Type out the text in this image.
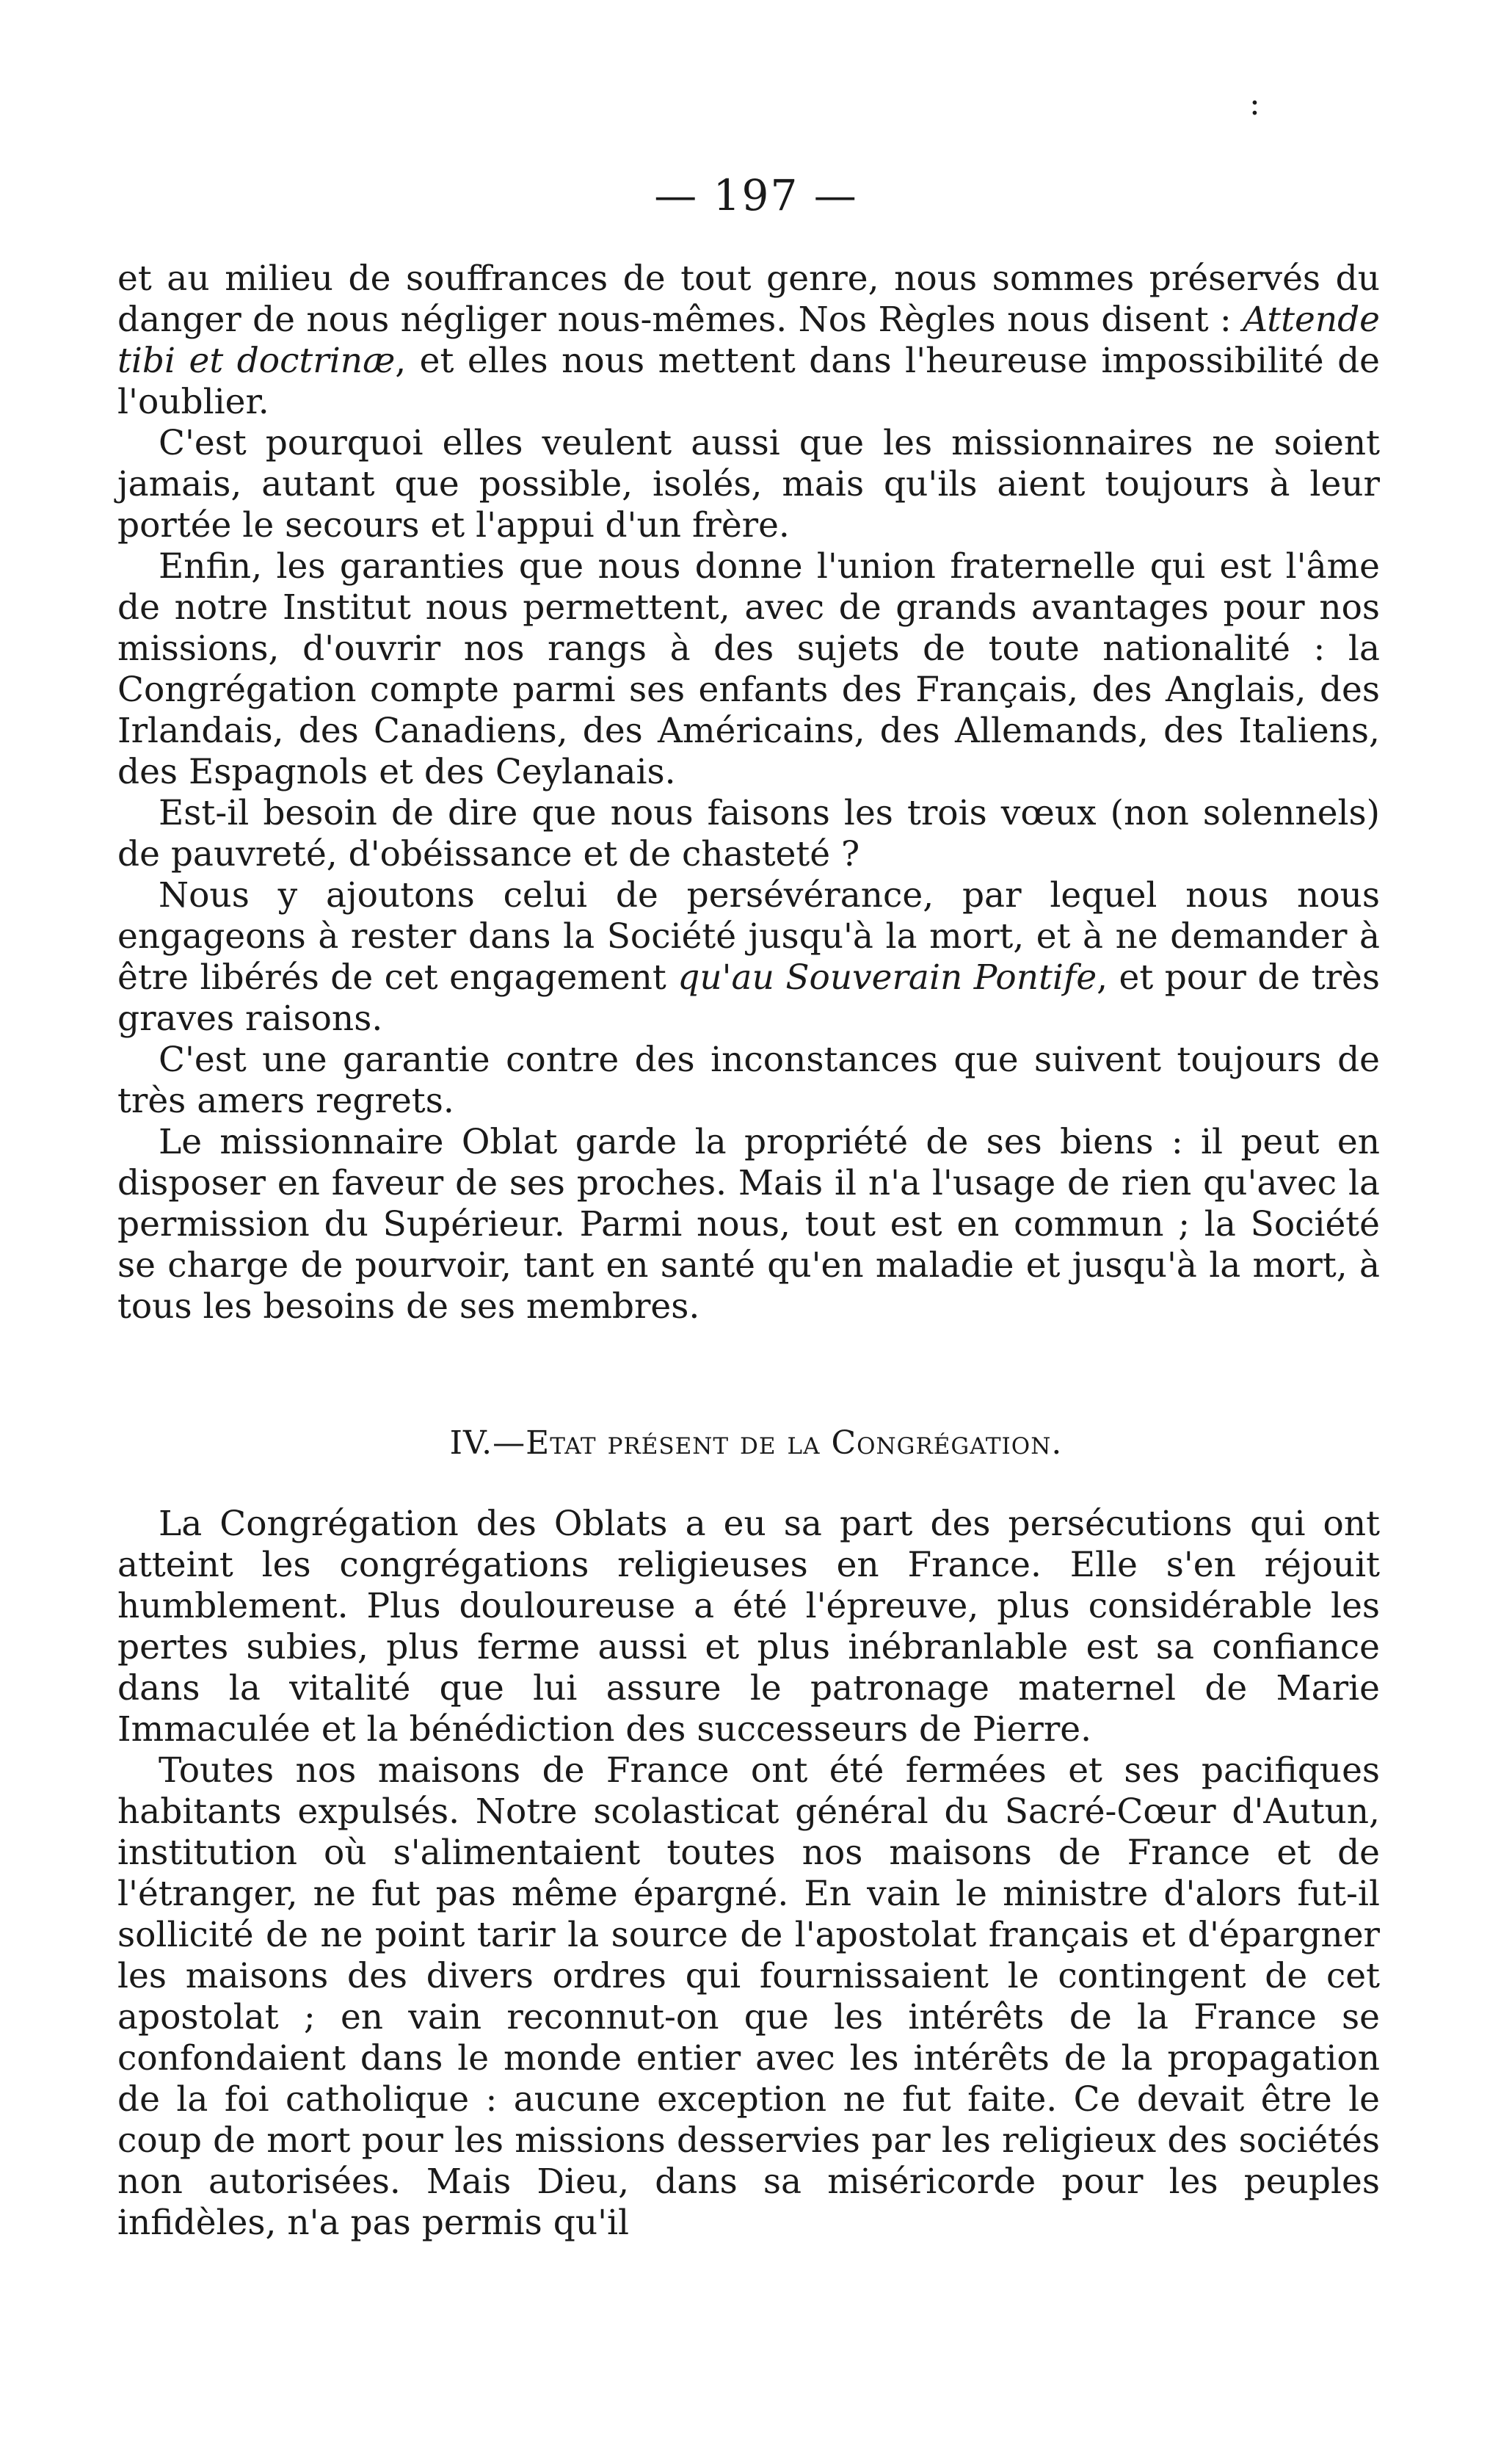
:
— 197 —

et au milieu de souffrances de tout genre, nous sommes préservés du danger de nous négliger nous-mêmes. Nos Règles nous disent : Attende tibi et doctrinæ, et elles nous mettent dans l'heureuse impossibilité de l'oublier.

C'est pourquoi elles veulent aussi que les missionnaires ne soient jamais, autant que possible, isolés, mais qu'ils aient toujours à leur portée le secours et l'appui d'un frère.

Enfin, les garanties que nous donne l'union fraternelle qui est l'âme de notre Institut nous permettent, avec de grands avantages pour nos missions, d'ouvrir nos rangs à des sujets de toute nationalité : la Congrégation compte parmi ses enfants des Français, des Anglais, des Irlandais, des Canadiens, des Américains, des Allemands, des Italiens, des Espagnols et des Ceylanais.

Est-il besoin de dire que nous faisons les trois vœux (non solennels) de pauvreté, d'obéissance et de chasteté ?

Nous y ajoutons celui de persévérance, par lequel nous nous engageons à rester dans la Société jusqu'à la mort, et à ne demander à être libérés de cet engagement qu'au Souverain Pontife, et pour de très graves raisons.

C'est une garantie contre des inconstances que suivent toujours de très amers regrets.

Le missionnaire Oblat garde la propriété de ses biens : il peut en disposer en faveur de ses proches. Mais il n'a l'usage de rien qu'avec la permission du Supérieur. Parmi nous, tout est en commun ; la Société se charge de pourvoir, tant en santé qu'en maladie et jusqu'à la mort, à tous les besoins de ses membres.

IV.—Etat présent de la Congrégation.

La Congrégation des Oblats a eu sa part des persécutions qui ont atteint les congrégations religieuses en France. Elle s'en réjouit humblement. Plus douloureuse a été l'épreuve, plus considérable les pertes subies, plus ferme aussi et plus inébranlable est sa confiance dans la vitalité que lui assure le patronage maternel de Marie Immaculée et la bénédiction des successeurs de Pierre.

Toutes nos maisons de France ont été fermées et ses pacifiques habitants expulsés. Notre scolasticat général du Sacré-Cœur d'Autun, institution où s'alimentaient toutes nos maisons de France et de l'étranger, ne fut pas même épargné. En vain le ministre d'alors fut-il sollicité de ne point tarir la source de l'apostolat français et d'épargner les maisons des divers ordres qui fournissaient le contingent de cet apostolat ; en vain reconnut-on que les intérêts de la France se confondaient dans le monde entier avec les intérêts de la propagation de la foi catholique : aucune exception ne fut faite. Ce devait être le coup de mort pour les missions desservies par les religieux des sociétés non autorisées. Mais Dieu, dans sa miséricorde pour les peuples infidèles, n'a pas permis qu'il
